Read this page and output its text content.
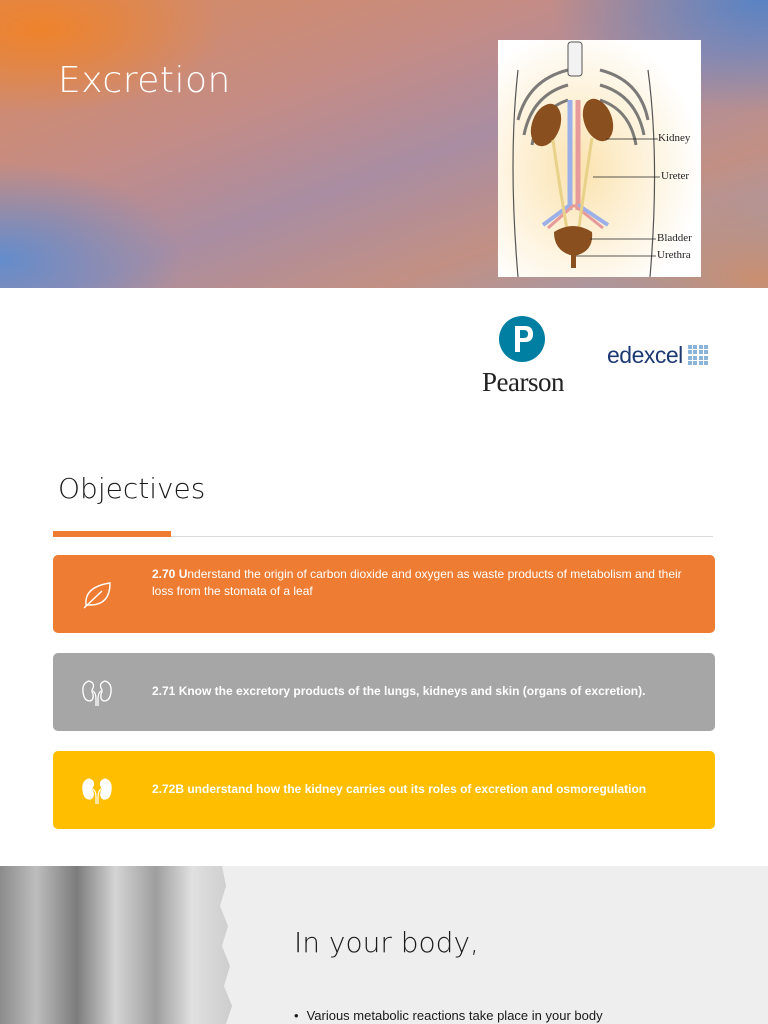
Excretion
Kidney
Ureter
Bladder
Urethra
Pearson
edexcel
Objectives
2.70 Understand the origin of carbon dioxide and oxygen as waste products of metabolism and their loss from the stomata of a leaf
2.71 Know the excretory products of the lungs, kidneys and skin (organs of excretion).
2.72B understand how the kidney carries out its roles of excretion and osmoregulation
In your body,
• Various metabolic reactions take place in your body
